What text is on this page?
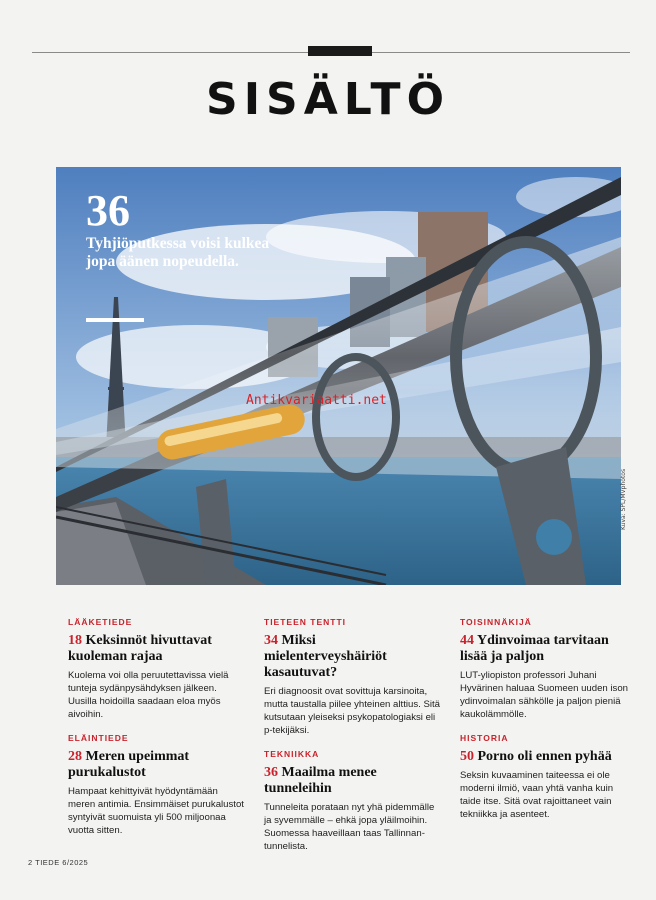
SISÄLTÖ
36
Tyhjiöputkessa voisi kulkea jopa äänen nopeudella.
Antikvariaatti.net
Kuva: SPL/MVphotos
LÄÄKETIEDE
18 Keksinnöt hivuttavat kuoleman rajaa
Kuolema voi olla peruutettavissa vielä tunteja sydänpysähdyksen jälkeen. Uusilla hoidoilla saadaan eloa myös aivoihin.
ELÄINTIEDE
28 Meren upeimmat purukalustot
Hampaat kehittyivät hyödyntämään meren antimia. Ensimmäiset purukalustot syntyivät suomuista yli 500 miljoonaa vuotta sitten.
TIETEEN TENTTI
34 Miksi mielenterveyshäiriöt kasautuvat?
Eri diagnoosit ovat sovittuja karsinoita, mutta taustalla piilee yhteinen alttius. Sitä kutsutaan yleiseksi psykopatologiaksi eli p-tekijäksi.
TEKNIIKKA
36 Maailma menee tunneleihin
Tunneleita porataan nyt yhä pidemmälle ja syvemmälle – ehkä jopa yläilmoihin. Suomessa haaveillaan taas Tallinnan-tunnelista.
TOISINNÄKIJÄ
44 Ydinvoimaa tarvitaan lisää ja paljon
LUT-yliopiston professori Juhani Hyvärinen haluaa Suomeen uuden ison ydinvoimalan sähkölle ja paljon pieniä kaukolämmölle.
HISTORIA
50 Porno oli ennen pyhää
Seksin kuvaaminen taiteessa ei ole moderni ilmiö, vaan yhtä vanha kuin taide itse. Sitä ovat rajoittaneet vain tekniikka ja asenteet.
2 TIEDE 6/2025
